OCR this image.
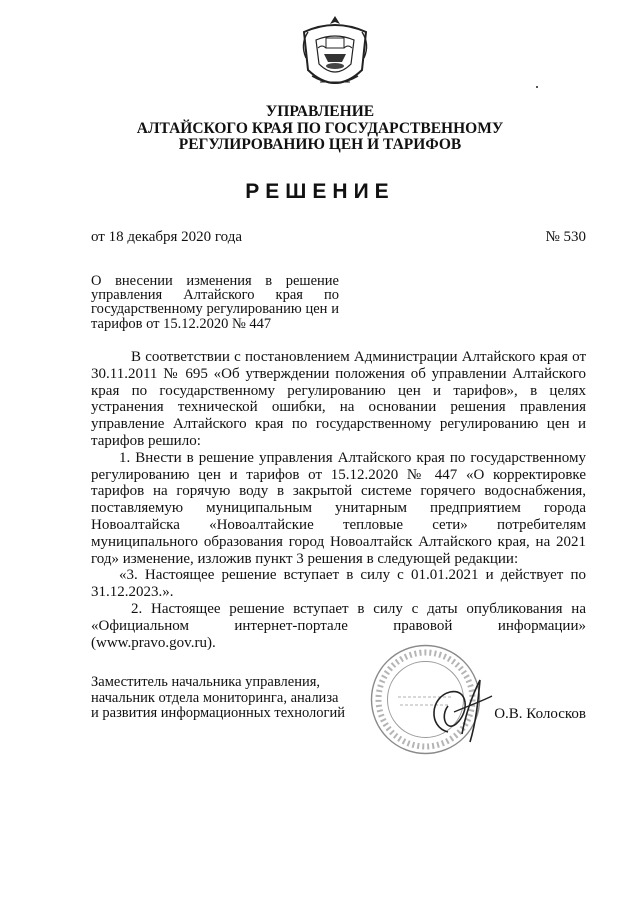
УПРАВЛЕНИЕ
АЛТАЙСКОГО КРАЯ ПО ГОСУДАРСТВЕННОМУ
РЕГУЛИРОВАНИЮ ЦЕН И ТАРИФОВ
РЕШЕНИЕ
от 18 декабря 2020 года	№ 530
О внесении изменения в решение управления Алтайского края по государственному регулированию цен и тарифов от 15.12.2020 № 447

В соответствии с постановлением Администрации Алтайского края от 30.11.2011 № 695 «Об утверждении положения об управлении Алтайского края по государственному регулированию цен и тарифов», в целях устранения технической ошибки, на основании решения правления управление Алтайского края по государственному регулированию цен и тарифов решило:

1. Внести в решение управления Алтайского края по государственному регулированию цен и тарифов от 15.12.2020 № 447 «О корректировке тарифов на горячую воду в закрытой системе горячего водоснабжения, поставляемую муниципальным унитарным предприятием города Новоалтайска «Новоалтайские тепловые сети» потребителям муниципального образования город Новоалтайск Алтайского края, на 2021 год» изменение, изложив пункт 3 решения в следующей редакции:

«3. Настоящее решение вступает в силу с 01.01.2021 и действует по 31.12.2023.».

2. Настоящее решение вступает в силу с даты опубликования на «Официальном интернет-портале правовой информации» (www.pravo.gov.ru).

Заместитель начальника управления,
начальник отдела мониторинга, анализа
и развития информационных технологий	О.В. Колосков
